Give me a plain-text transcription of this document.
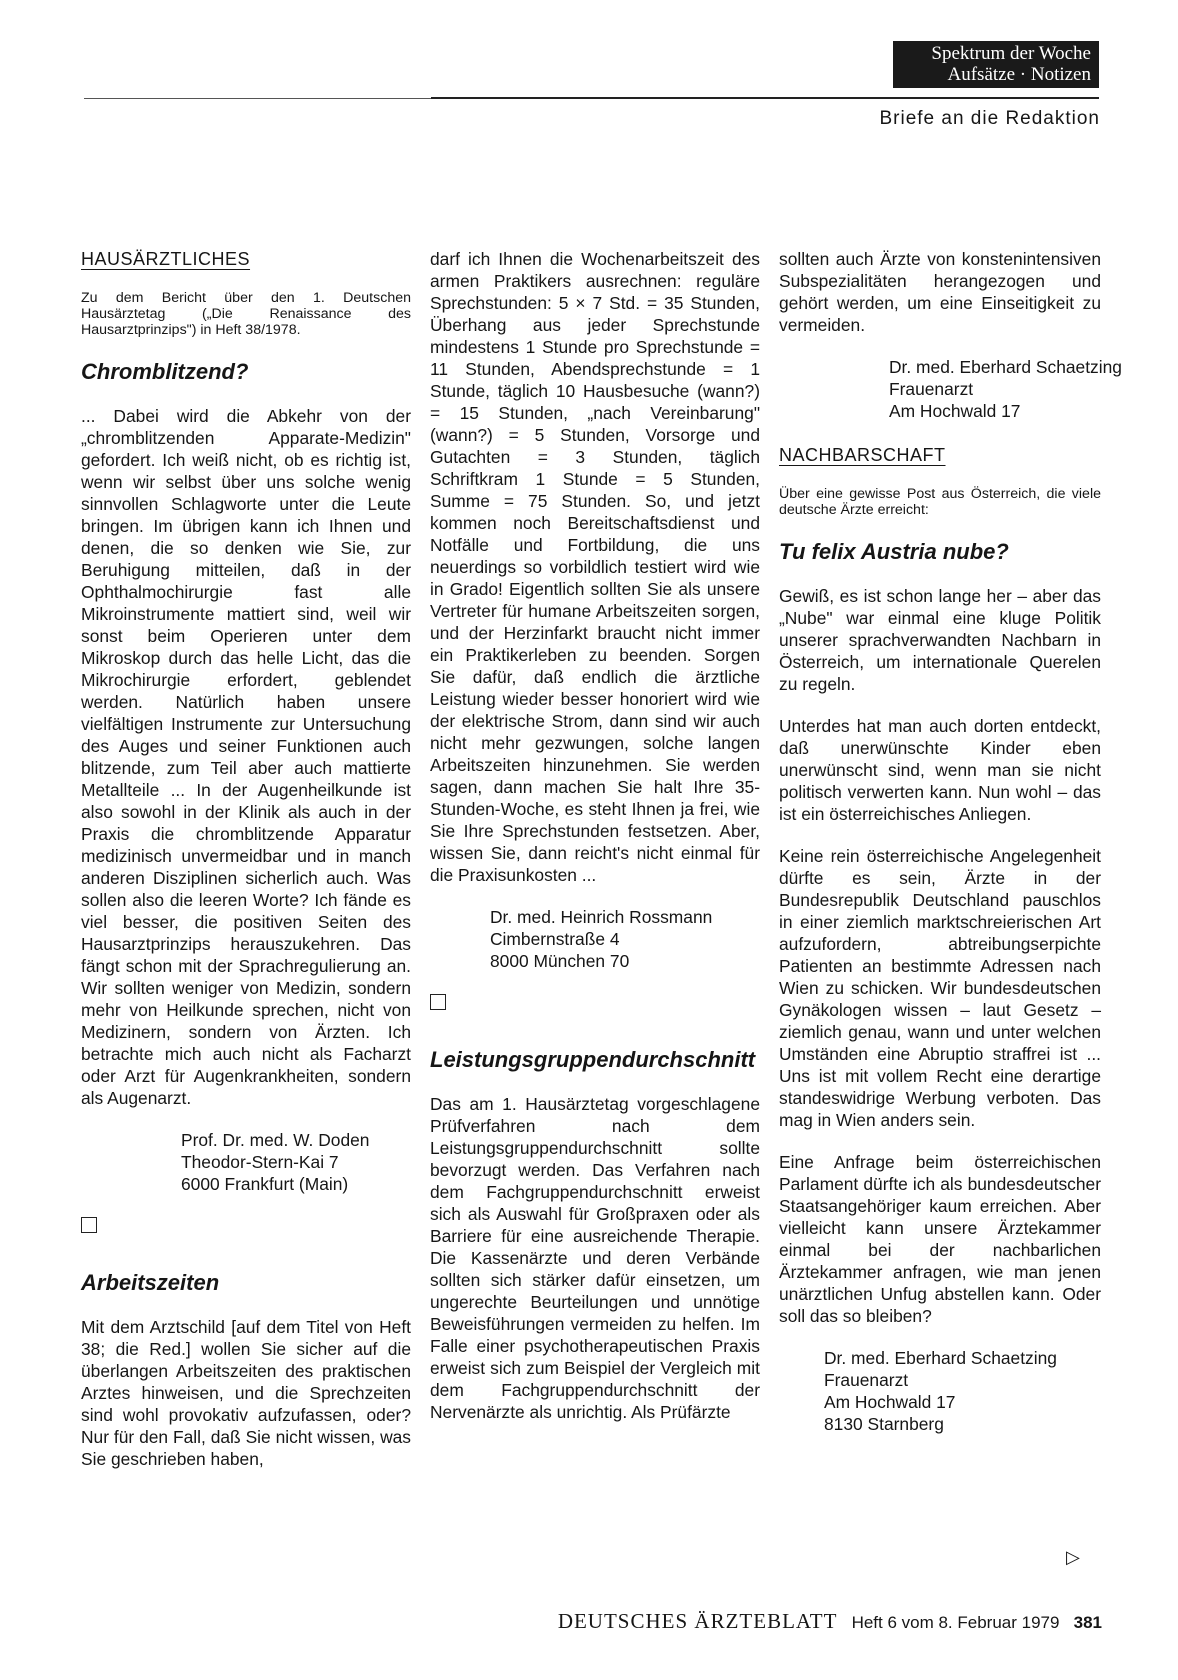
Spektrum der Woche
Aufsätze · Notizen
Briefe an die Redaktion
HAUSÄRZTLICHES
Zu dem Bericht über den 1. Deutschen Hausärztetag („Die Renaissance des Hausarztprinzips") in Heft 38/1978.
Chromblitzend?
... Dabei wird die Abkehr von der „chromblitzenden Apparate-Medizin" gefordert. Ich weiß nicht, ob es richtig ist, wenn wir selbst über uns solche wenig sinnvollen Schlagworte unter die Leute bringen. Im übrigen kann ich Ihnen und denen, die so denken wie Sie, zur Beruhigung mitteilen, daß in der Ophthalmochirurgie fast alle Mikroinstrumente mattiert sind, weil wir sonst beim Operieren unter dem Mikroskop durch das helle Licht, das die Mikrochirurgie erfordert, geblendet werden. Natürlich haben unsere vielfältigen Instrumente zur Untersuchung des Auges und seiner Funktionen auch blitzende, zum Teil aber auch mattierte Metallteile ... In der Augenheilkunde ist also sowohl in der Klinik als auch in der Praxis die chromblitzende Apparatur medizinisch unvermeidbar und in manch anderen Disziplinen sicherlich auch. Was sollen also die leeren Worte? Ich fände es viel besser, die positiven Seiten des Hausarztprinzips herauszukehren. Das fängt schon mit der Sprachregulierung an. Wir sollten weniger von Medizin, sondern mehr von Heilkunde sprechen, nicht von Medizinern, sondern von Ärzten. Ich betrachte mich auch nicht als Facharzt oder Arzt für Augenkrankheiten, sondern als Augenarzt.
Prof. Dr. med. W. Doden
Theodor-Stern-Kai 7
6000 Frankfurt (Main)
Arbeitszeiten
Mit dem Arztschild [auf dem Titel von Heft 38; die Red.] wollen Sie sicher auf die überlangen Arbeitszeiten des praktischen Arztes hinweisen, und die Sprechzeiten sind wohl provokativ aufzufassen, oder? Nur für den Fall, daß Sie nicht wissen, was Sie geschrieben haben,
darf ich Ihnen die Wochenarbeitszeit des armen Praktikers ausrechnen: reguläre Sprechstunden: 5 × 7 Std. = 35 Stunden, Überhang aus jeder Sprechstunde mindestens 1 Stunde pro Sprechstunde = 11 Stunden, Abendsprechstunde = 1 Stunde, täglich 10 Hausbesuche (wann?) = 15 Stunden, „nach Vereinbarung" (wann?) = 5 Stunden, Vorsorge und Gutachten = 3 Stunden, täglich Schriftkram 1 Stunde = 5 Stunden, Summe = 75 Stunden. So, und jetzt kommen noch Bereitschaftsdienst und Notfälle und Fortbildung, die uns neuerdings so vorbildlich testiert wird wie in Grado! Eigentlich sollten Sie als unsere Vertreter für humane Arbeitszeiten sorgen, und der Herzinfarkt braucht nicht immer ein Praktikerleben zu beenden. Sorgen Sie dafür, daß endlich die ärztliche Leistung wieder besser honoriert wird wie der elektrische Strom, dann sind wir auch nicht mehr gezwungen, solche langen Arbeitszeiten hinzunehmen. Sie werden sagen, dann machen Sie halt Ihre 35-Stunden-Woche, es steht Ihnen ja frei, wie Sie Ihre Sprechstunden festsetzen. Aber, wissen Sie, dann reicht's nicht einmal für die Praxisunkosten ...
Dr. med. Heinrich Rossmann
Cimbernstraße 4
8000 München 70
Leistungsgruppendurchschnitt
Das am 1. Hausärztetag vorgeschlagene Prüfverfahren nach dem Leistungsgruppendurchschnitt sollte bevorzugt werden. Das Verfahren nach dem Fachgruppendurchschnitt erweist sich als Auswahl für Großpraxen oder als Barriere für eine ausreichende Therapie. Die Kassenärzte und deren Verbände sollten sich stärker dafür einsetzen, um ungerechte Beurteilungen und unnötige Beweisführungen vermeiden zu helfen. Im Falle einer psychotherapeutischen Praxis erweist sich zum Beispiel der Vergleich mit dem Fachgruppendurchschnitt der Nervenärzte als unrichtig. Als Prüfärzte
sollten auch Ärzte von konstenintensiven Subspezialitäten herangezogen und gehört werden, um eine Einseitigkeit zu vermeiden.
Dr. med. Eberhard Schaetzing
Frauenarzt
Am Hochwald 17
NACHBARSCHAFT
Über eine gewisse Post aus Österreich, die viele deutsche Ärzte erreicht:
Tu felix Austria nube?
Gewiß, es ist schon lange her – aber das „Nube" war einmal eine kluge Politik unserer sprachverwandten Nachbarn in Österreich, um internationale Querelen zu regeln.
Unterdes hat man auch dorten entdeckt, daß unerwünschte Kinder eben unerwünscht sind, wenn man sie nicht politisch verwerten kann. Nun wohl – das ist ein österreichisches Anliegen.
Keine rein österreichische Angelegenheit dürfte es sein, Ärzte in der Bundesrepublik Deutschland pauschlos in einer ziemlich marktschreierischen Art aufzufordern, abtreibungserpichte Patienten an bestimmte Adressen nach Wien zu schicken. Wir bundesdeutschen Gynäkologen wissen – laut Gesetz – ziemlich genau, wann und unter welchen Umständen eine Abruptio straffrei ist ... Uns ist mit vollem Recht eine derartige standeswidrige Werbung verboten. Das mag in Wien anders sein.
Eine Anfrage beim österreichischen Parlament dürfte ich als bundesdeutscher Staatsangehöriger kaum erreichen. Aber vielleicht kann unsere Ärztekammer einmal bei der nachbarlichen Ärztekammer anfragen, wie man jenen unärztlichen Unfug abstellen kann. Oder soll das so bleiben?
Dr. med. Eberhard Schaetzing
Frauenarzt
Am Hochwald 17
8130 Starnberg
▷
DEUTSCHES ÄRZTEBLATT Heft 6 vom 8. Februar 1979 381
